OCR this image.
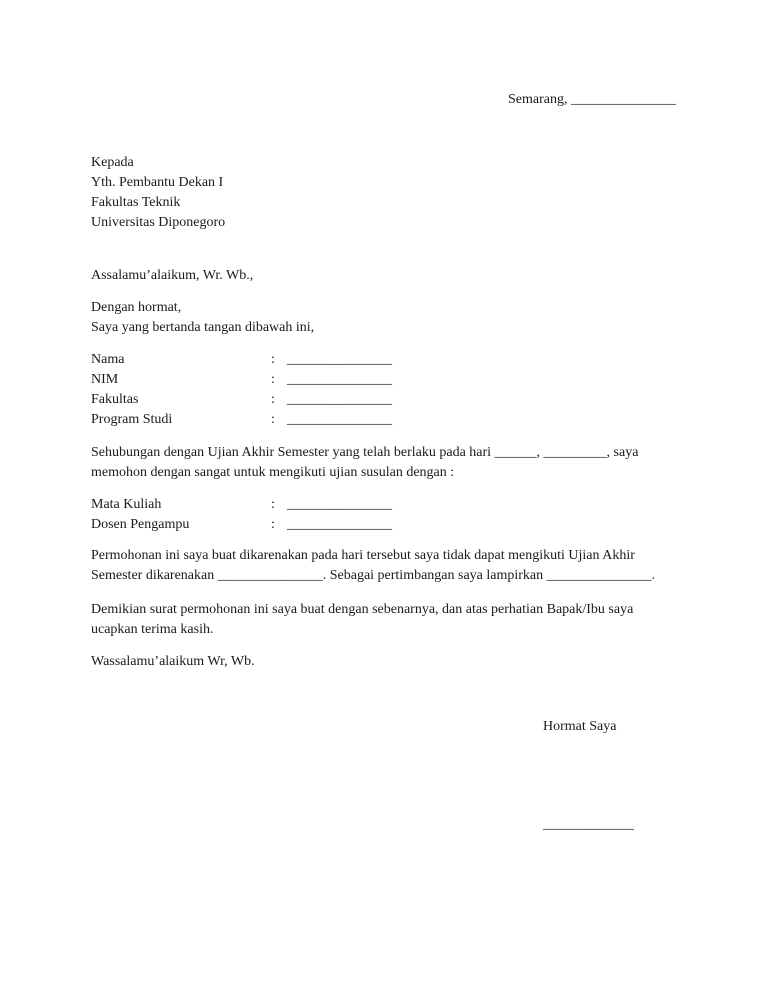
Semarang, _______________
Kepada
Yth. Pembantu Dekan I
Fakultas Teknik
Universitas Diponegoro
Assalamu’alaikum, Wr. Wb.,
Dengan hormat,
Saya yang bertanda tangan dibawah ini,
Nama	: _______________
NIM	: _______________
Fakultas	: _______________
Program Studi	: _______________
Sehubungan dengan Ujian Akhir Semester yang telah berlaku pada hari ______, _________, saya
memohon dengan sangat untuk mengikuti ujian susulan dengan :
Mata Kuliah	: _______________
Dosen Pengampu	: _______________
Permohonan ini saya buat dikarenakan pada hari tersebut saya tidak dapat mengikuti Ujian Akhir
Semester dikarenakan _______________. Sebagai pertimbangan saya lampirkan _______________.
Demikian surat permohonan ini saya buat dengan sebenarnya, dan atas perhatian Bapak/Ibu saya
ucapkan terima kasih.
Wassalamu’alaikum Wr, Wb.
Hormat Saya
_____________
